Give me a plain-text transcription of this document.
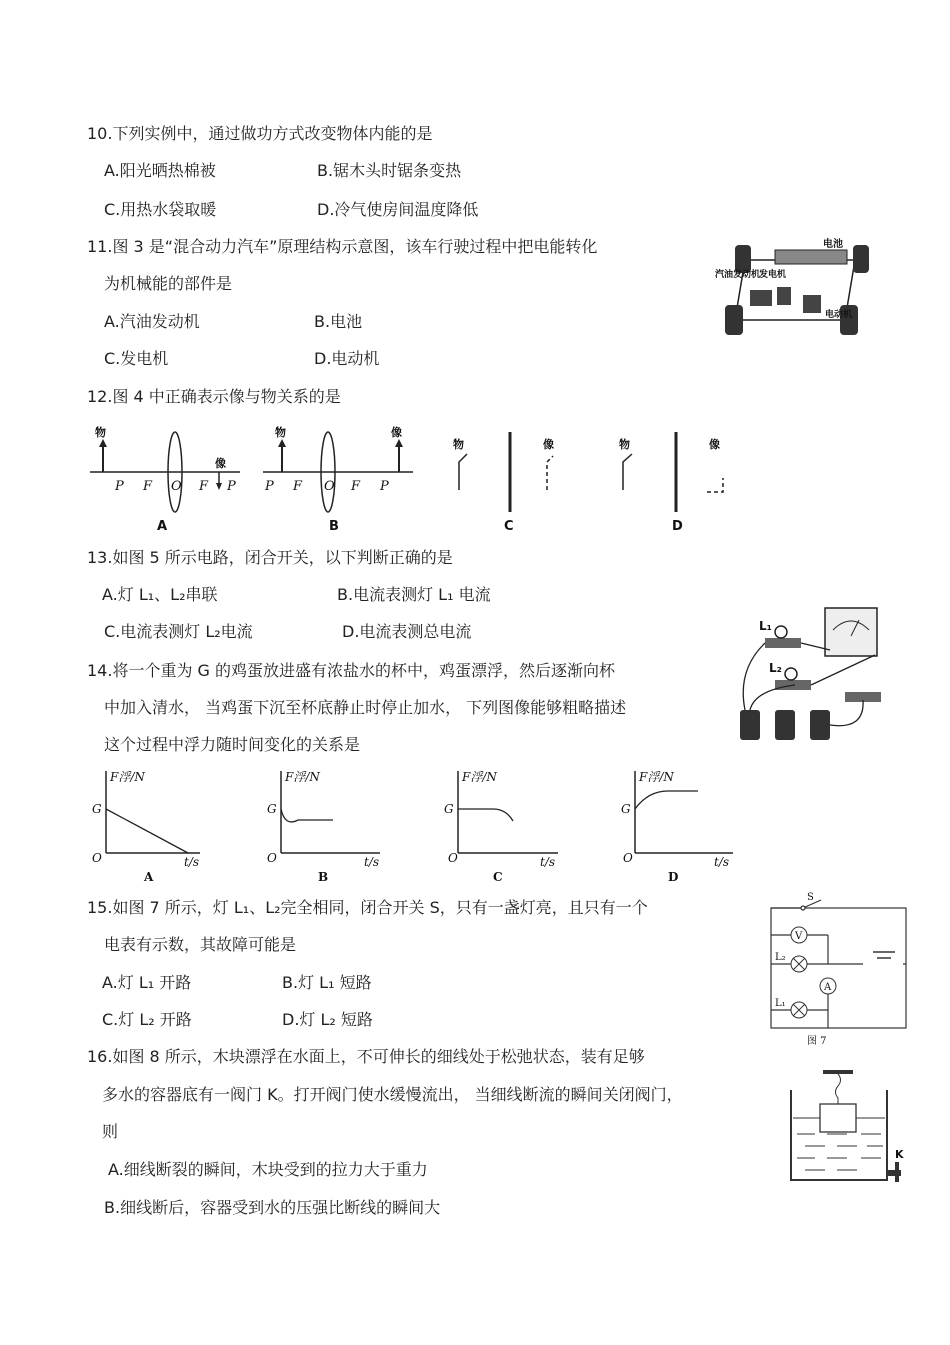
10.下列实例中，通过做功方式改变物体内能的是
A.阳光晒热棉被	B.锯木头时锯条变热
C.用热水袋取暖	D.冷气使房间温度降低
11.图 3 是“混合动力汽车”原理结构示意图，该车行驶过程中把电能转化
为机械能的部件是
A.汽油发动机	B.电池
C.发电机	D.电动机
电池
汽油发动机
发电机
电动机
12.图 4 中正确表示像与物关系的是
物
像
P F O F P
A
物	像
P F O F P
B
物	像
C
物	像
D
13.如图 5 所示电路，闭合开关，以下判断正确的是
A.灯 L₁、L₂串联	B.电流表测灯 L₁ 电流
C.电流表测灯 L₂电流	D.电流表测总电流	L₁
L₂
14.将一个重为 G 的鸡蛋放进盛有浓盐水的杯中，鸡蛋漂浮，然后逐渐向杯
中加入清水， 当鸡蛋下沉至杯底静止时停止加水， 下列图像能够粗略描述
这个过程中浮力随时间变化的关系是
F浮/N
G
O	t/s
F浮/N
G
O	t/s
F浮/N
G
O	t/s
F浮/N
G
O	t/s
A	B	C	D
15.如图 7 所示，灯 L₁、L₂完全相同，闭合开关 S，只有一盏灯亮，且只有一个
电表有示数，其故障可能是
A.灯 L₁ 开路	B.灯 L₁ 短路
C.灯 L₂ 开路	D.灯 L₂ 短路
S
V
A
L₂
L₁
图 7
16.如图 8 所示，木块漂浮在水面上，不可伸长的细线处于松弛状态，装有足够
多水的容器底有一阀门 K。打开阀门使水缓慢流出， 当细线断流的瞬间关闭阀门，
则
A.细线断裂的瞬间，木块受到的拉力大于重力
B.细线断后，容器受到水的压强比断线的瞬间大
K
